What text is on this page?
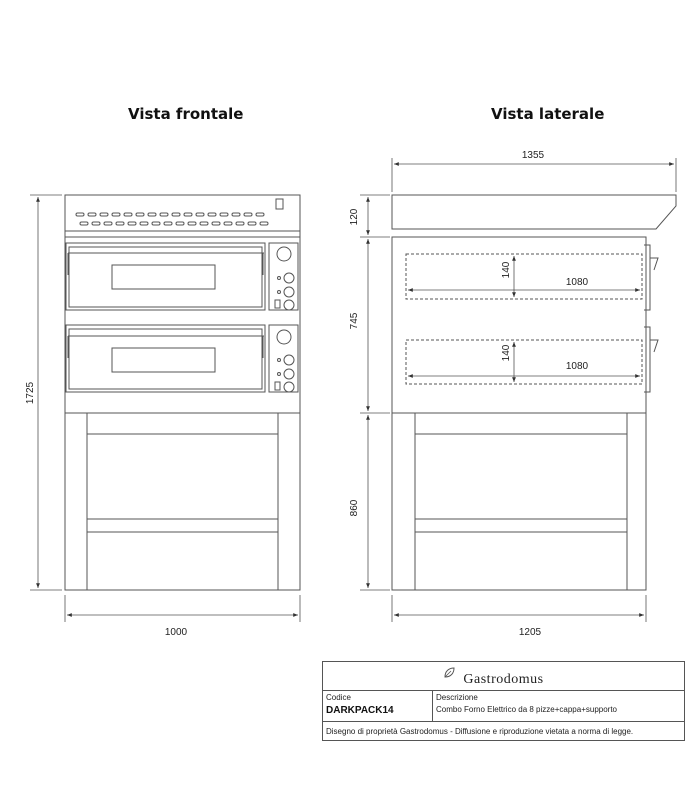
Vista frontale	Vista laterale
1725
1000
1355
120
745
860
1205
140
1080
140
1080
Gastrodomus
Codice
DARKPACK14
Descrizione
Combo Forno Elettrico da 8 pizze+cappa+supporto
Disegno di proprietà Gastrodomus - Diffusione e riproduzione vietata a norma di legge.
